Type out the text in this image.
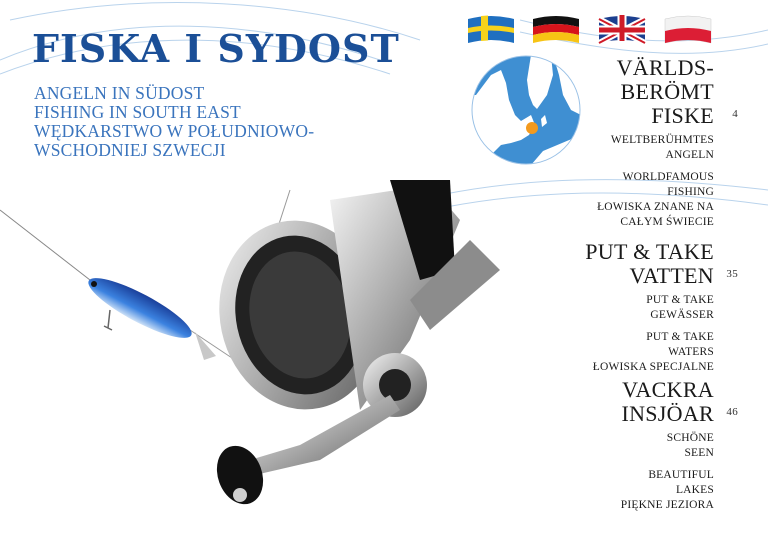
FISKA I SYDOST
ANGELN IN SÜDOST
FISHING IN SOUTH EAST
WĘDKARSTWO W POŁUDNIOWO-
WSCHODNIEJ SZWECJI
VÄRLDS-
BERÖMT
FISKE 4
WELTBERÜHMTES
ANGELN
WORLDFAMOUS
FISHING
ŁOWISKA ZNANE NA
CAŁYM ŚWIECIE
PUT & TAKE
VATTEN 35
PUT & TAKE
GEWÄSSER
PUT & TAKE
WATERS
ŁOWISKA SPECJALNE
VACKRA
INSJÖAR 46
SCHÖNE
SEEN
BEAUTIFUL
LAKES
PIĘKNE JEZIORA
